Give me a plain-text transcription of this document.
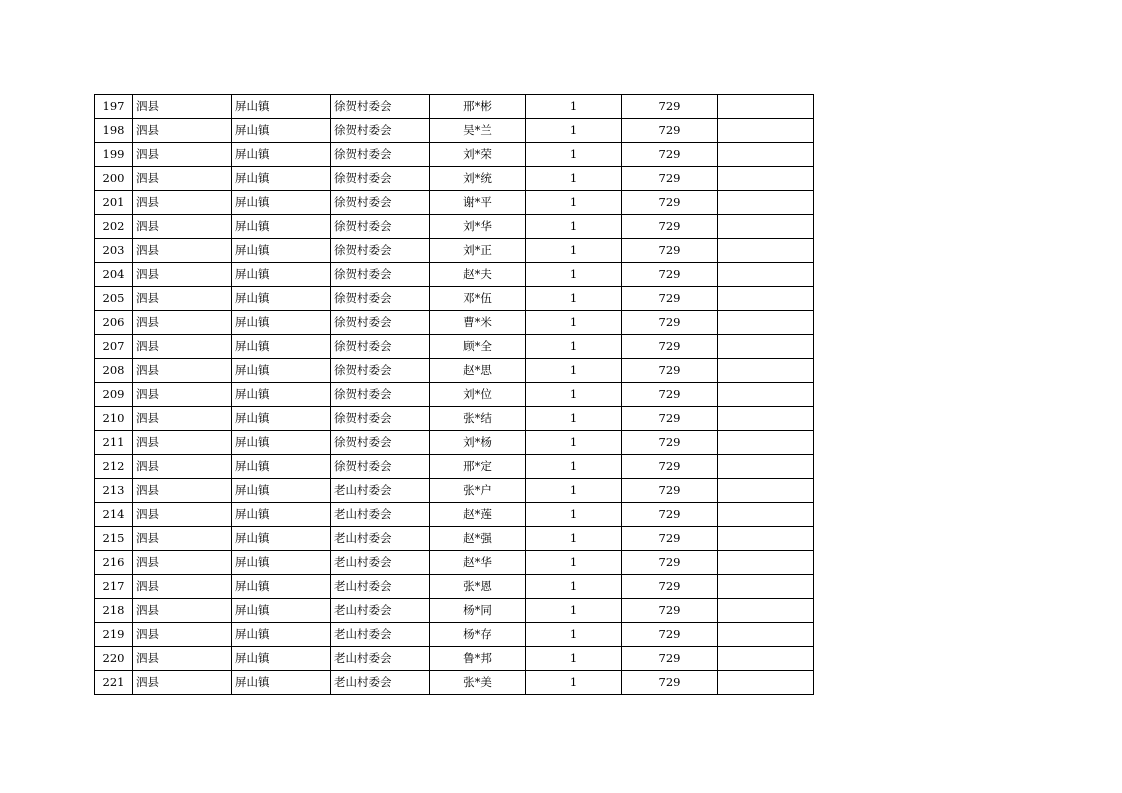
197	泗县	屏山镇	徐贺村委会	邢*彬	1	729	
198	泗县	屏山镇	徐贺村委会	吴*兰	1	729	
199	泗县	屏山镇	徐贺村委会	刘*荣	1	729	
200	泗县	屏山镇	徐贺村委会	刘*统	1	729	
201	泗县	屏山镇	徐贺村委会	谢*平	1	729	
202	泗县	屏山镇	徐贺村委会	刘*华	1	729	
203	泗县	屏山镇	徐贺村委会	刘*正	1	729	
204	泗县	屏山镇	徐贺村委会	赵*夫	1	729	
205	泗县	屏山镇	徐贺村委会	邓*伍	1	729	
206	泗县	屏山镇	徐贺村委会	曹*米	1	729	
207	泗县	屏山镇	徐贺村委会	顾*全	1	729	
208	泗县	屏山镇	徐贺村委会	赵*思	1	729	
209	泗县	屏山镇	徐贺村委会	刘*位	1	729	
210	泗县	屏山镇	徐贺村委会	张*结	1	729	
211	泗县	屏山镇	徐贺村委会	刘*杨	1	729	
212	泗县	屏山镇	徐贺村委会	邢*定	1	729	
213	泗县	屏山镇	老山村委会	张*户	1	729	
214	泗县	屏山镇	老山村委会	赵*莲	1	729	
215	泗县	屏山镇	老山村委会	赵*强	1	729	
216	泗县	屏山镇	老山村委会	赵*华	1	729	
217	泗县	屏山镇	老山村委会	张*恩	1	729	
218	泗县	屏山镇	老山村委会	杨*同	1	729	
219	泗县	屏山镇	老山村委会	杨*存	1	729	
220	泗县	屏山镇	老山村委会	鲁*邦	1	729	
221	泗县	屏山镇	老山村委会	张*美	1	729	
